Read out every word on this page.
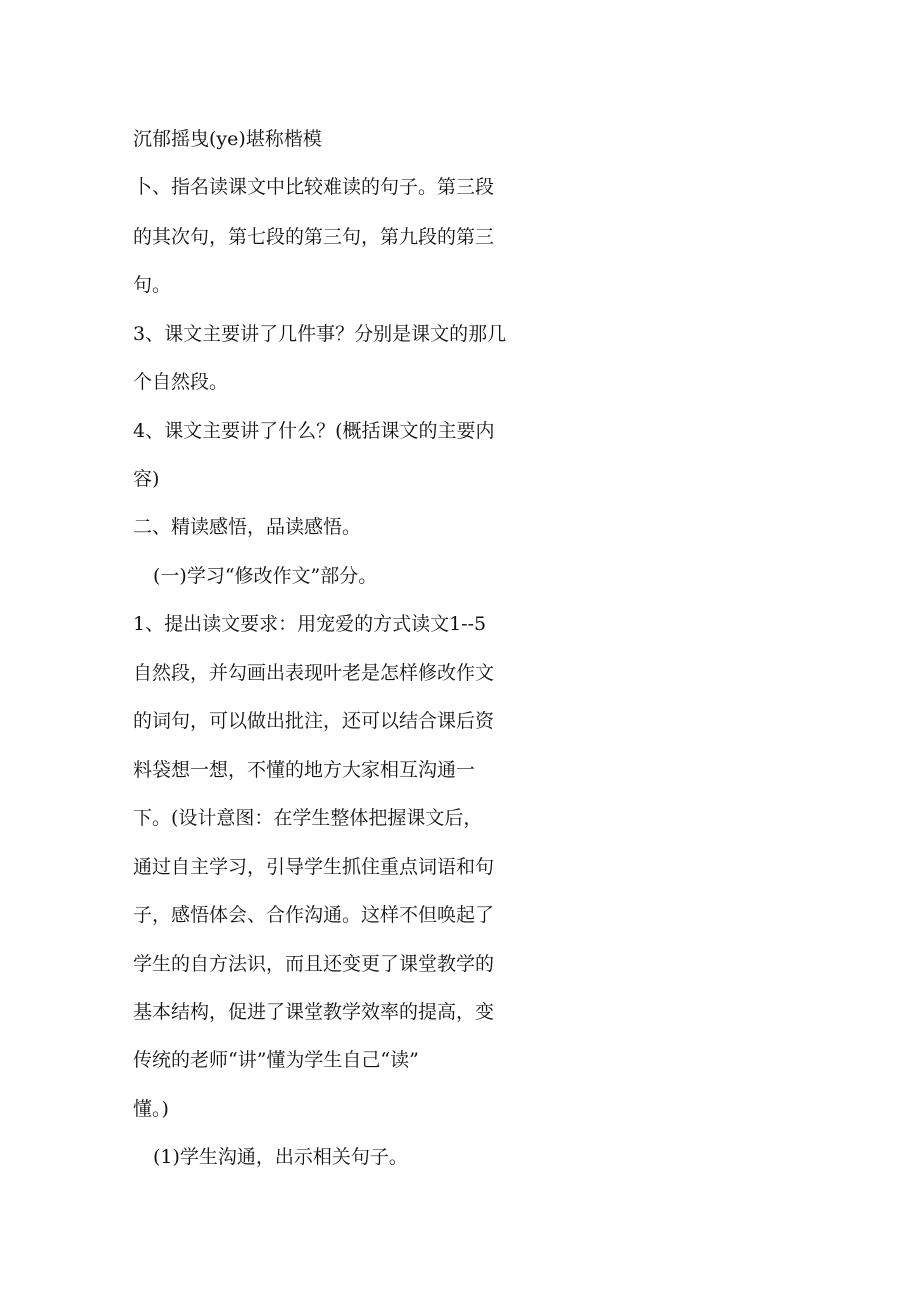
沉郁摇曳(ye)堪称楷模

卜、指名读课文中比较难读的句子。第三段

的其次句，第七段的第三句，第九段的第三

句。

3、课文主要讲了几件事？分别是课文的那几

个自然段。

4、课文主要讲了什么？(概括课文的主要内

容)

二、精读感悟，品读感悟。

(一)学习“修改作文”部分。

1、提出读文要求：用宠爱的方式读文1--5

自然段，并勾画出表现叶老是怎样修改作文

的词句，可以做出批注，还可以结合课后资

料袋想一想，不懂的地方大家相互沟通一

下。(设计意图：在学生整体把握课文后，

通过自主学习，引导学生抓住重点词语和句

子，感悟体会、合作沟通。这样不但唤起了

学生的自方法识，而且还变更了课堂教学的

基本结构，促进了课堂教学效率的提高，变

传统的老师“讲”懂为学生自己“读”

懂。)

(1)学生沟通，出示相关句子。
